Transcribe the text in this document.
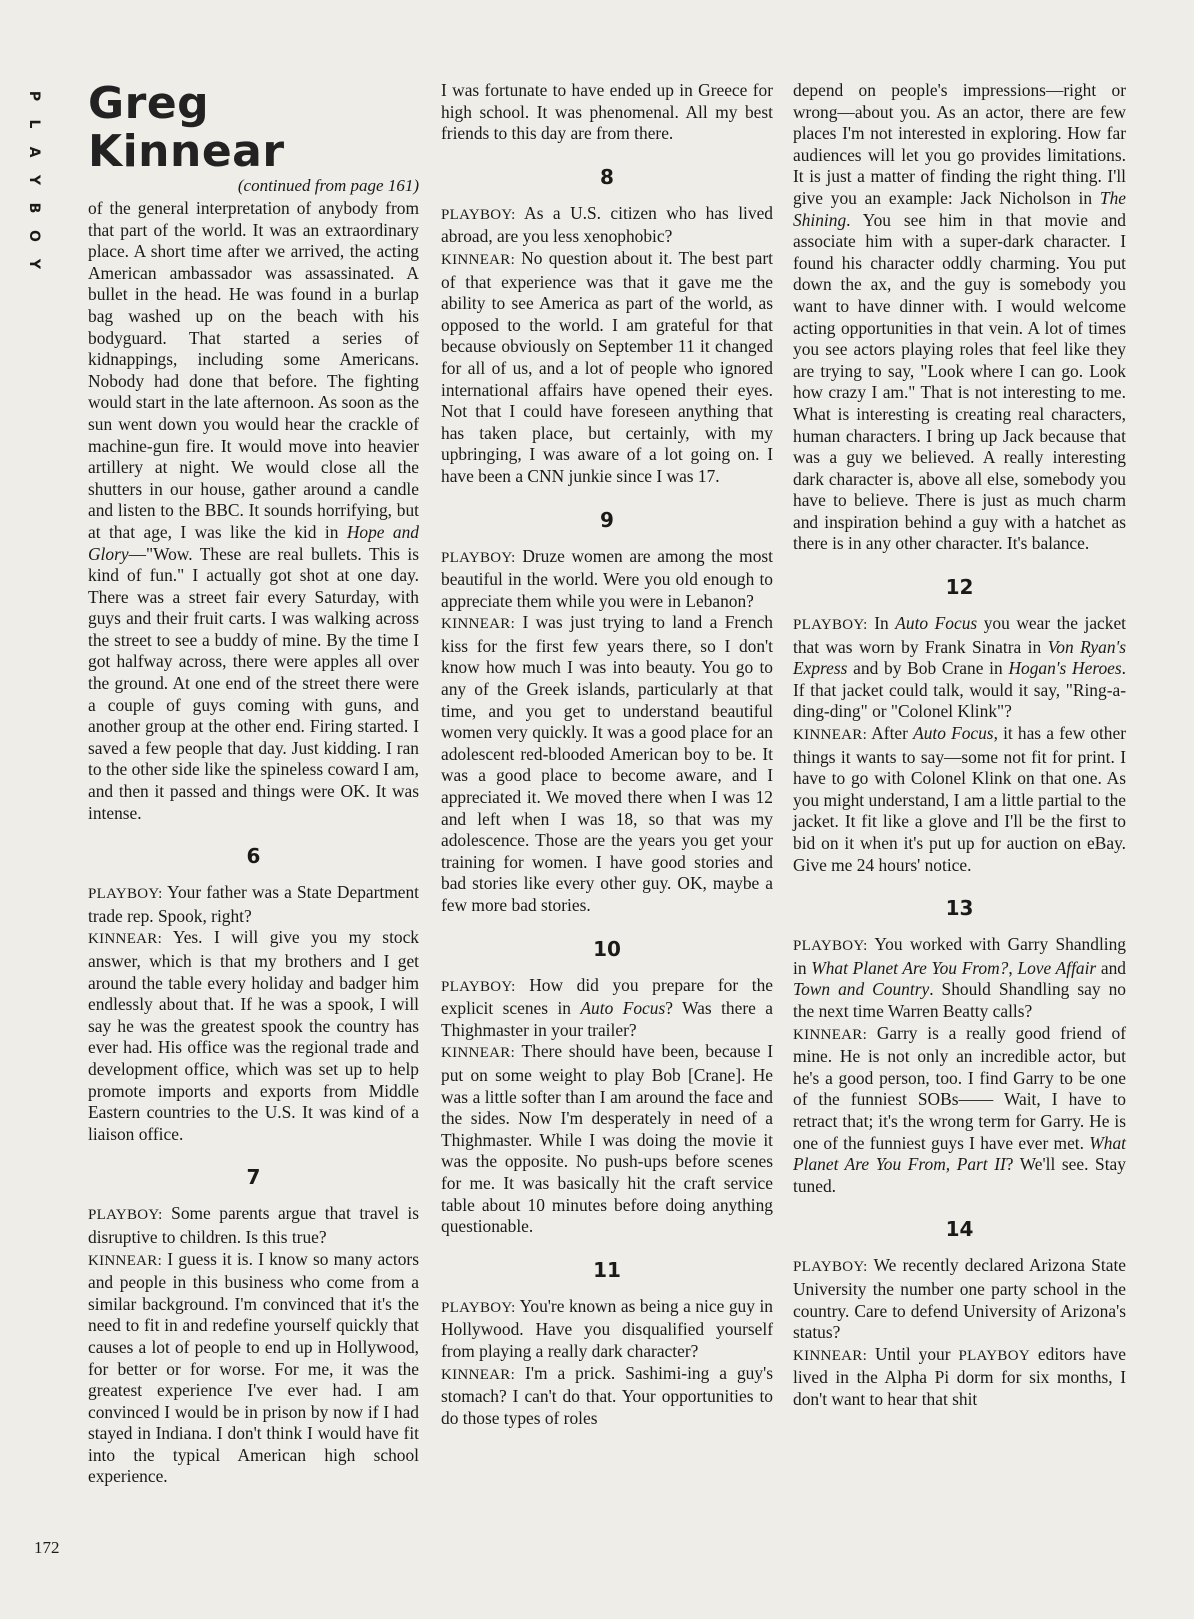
P
L
A
Y
B
O
Y
172
Greg Kinnear

(continued from page 161)

of the general interpretation of anybody from that part of the world. It was an extraordinary place. A short time after we arrived, the acting American ambassador was assassinated. A bullet in the head. He was found in a burlap bag washed up on the beach with his bodyguard. That started a series of kidnappings, including some Americans. Nobody had done that before. The fighting would start in the late afternoon. As soon as the sun went down you would hear the crackle of machine-gun fire. It would move into heavier artillery at night. We would close all the shutters in our house, gather around a candle and listen to the BBC. It sounds horrifying, but at that age, I was like the kid in Hope and Glory—"Wow. These are real bullets. This is kind of fun." I actually got shot at one day. There was a street fair every Saturday, with guys and their fruit carts. I was walking across the street to see a buddy of mine. By the time I got halfway across, there were apples all over the ground. At one end of the street there were a couple of guys coming with guns, and another group at the other end. Firing started. I saved a few people that day. Just kidding. I ran to the other side like the spineless coward I am, and then it passed and things were OK. It was intense.

6

PLAYBOY: Your father was a State Department trade rep. Spook, right?

KINNEAR: Yes. I will give you my stock answer, which is that my brothers and I get around the table every holiday and badger him endlessly about that. If he was a spook, I will say he was the greatest spook the country has ever had. His office was the regional trade and development office, which was set up to help promote imports and exports from Middle Eastern countries to the U.S. It was kind of a liaison office.

7

PLAYBOY: Some parents argue that travel is disruptive to children. Is this true?

KINNEAR: I guess it is. I know so many actors and people in this business who come from a similar background. I'm convinced that it's the need to fit in and redefine yourself quickly that causes a lot of people to end up in Hollywood, for better or for worse. For me, it was the greatest experience I've ever had. I am convinced I would be in prison by now if I had stayed in Indiana. I don't think I would have fit into the typical American high school experience.

I was fortunate to have ended up in Greece for high school. It was phenomenal. All my best friends to this day are from there.

8

PLAYBOY: As a U.S. citizen who has lived abroad, are you less xenophobic?

KINNEAR: No question about it. The best part of that experience was that it gave me the ability to see America as part of the world, as opposed to the world. I am grateful for that because obviously on September 11 it changed for all of us, and a lot of people who ignored international affairs have opened their eyes. Not that I could have foreseen anything that has taken place, but certainly, with my upbringing, I was aware of a lot going on. I have been a CNN junkie since I was 17.

9

PLAYBOY: Druze women are among the most beautiful in the world. Were you old enough to appreciate them while you were in Lebanon?

KINNEAR: I was just trying to land a French kiss for the first few years there, so I don't know how much I was into beauty. You go to any of the Greek islands, particularly at that time, and you get to understand beautiful women very quickly. It was a good place for an adolescent red-blooded American boy to be. It was a good place to become aware, and I appreciated it. We moved there when I was 12 and left when I was 18, so that was my adolescence. Those are the years you get your training for women. I have good stories and bad stories like every other guy. OK, maybe a few more bad stories.

10

PLAYBOY: How did you prepare for the explicit scenes in Auto Focus? Was there a Thighmaster in your trailer?

KINNEAR: There should have been, because I put on some weight to play Bob [Crane]. He was a little softer than I am around the face and the sides. Now I'm desperately in need of a Thighmaster. While I was doing the movie it was the opposite. No push-ups before scenes for me. It was basically hit the craft service table about 10 minutes before doing anything questionable.

11

PLAYBOY: You're known as being a nice guy in Hollywood. Have you disqualified yourself from playing a really dark character?

KINNEAR: I'm a prick. Sashimi-ing a guy's stomach? I can't do that. Your opportunities to do those types of roles

depend on people's impressions—right or wrong—about you. As an actor, there are few places I'm not interested in exploring. How far audiences will let you go provides limitations. It is just a matter of finding the right thing. I'll give you an example: Jack Nicholson in The Shining. You see him in that movie and associate him with a super-dark character. I found his character oddly charming. You put down the ax, and the guy is somebody you want to have dinner with. I would welcome acting opportunities in that vein. A lot of times you see actors playing roles that feel like they are trying to say, "Look where I can go. Look how crazy I am." That is not interesting to me. What is interesting is creating real characters, human characters. I bring up Jack because that was a guy we believed. A really interesting dark character is, above all else, somebody you have to believe. There is just as much charm and inspiration behind a guy with a hatchet as there is in any other character. It's balance.

12

PLAYBOY: In Auto Focus you wear the jacket that was worn by Frank Sinatra in Von Ryan's Express and by Bob Crane in Hogan's Heroes. If that jacket could talk, would it say, "Ring-a-ding-ding" or "Colonel Klink"?

KINNEAR: After Auto Focus, it has a few other things it wants to say—some not fit for print. I have to go with Colonel Klink on that one. As you might understand, I am a little partial to the jacket. It fit like a glove and I'll be the first to bid on it when it's put up for auction on eBay. Give me 24 hours' notice.

13

PLAYBOY: You worked with Garry Shandling in What Planet Are You From?, Love Affair and Town and Country. Should Shandling say no the next time Warren Beatty calls?

KINNEAR: Garry is a really good friend of mine. He is not only an incredible actor, but he's a good person, too. I find Garry to be one of the funniest SOBs—— Wait, I have to retract that; it's the wrong term for Garry. He is one of the funniest guys I have ever met. What Planet Are You From, Part II? We'll see. Stay tuned.

14

PLAYBOY: We recently declared Arizona State University the number one party school in the country. Care to defend University of Arizona's status?

KINNEAR: Until your PLAYBOY editors have lived in the Alpha Pi dorm for six months, I don't want to hear that shit
